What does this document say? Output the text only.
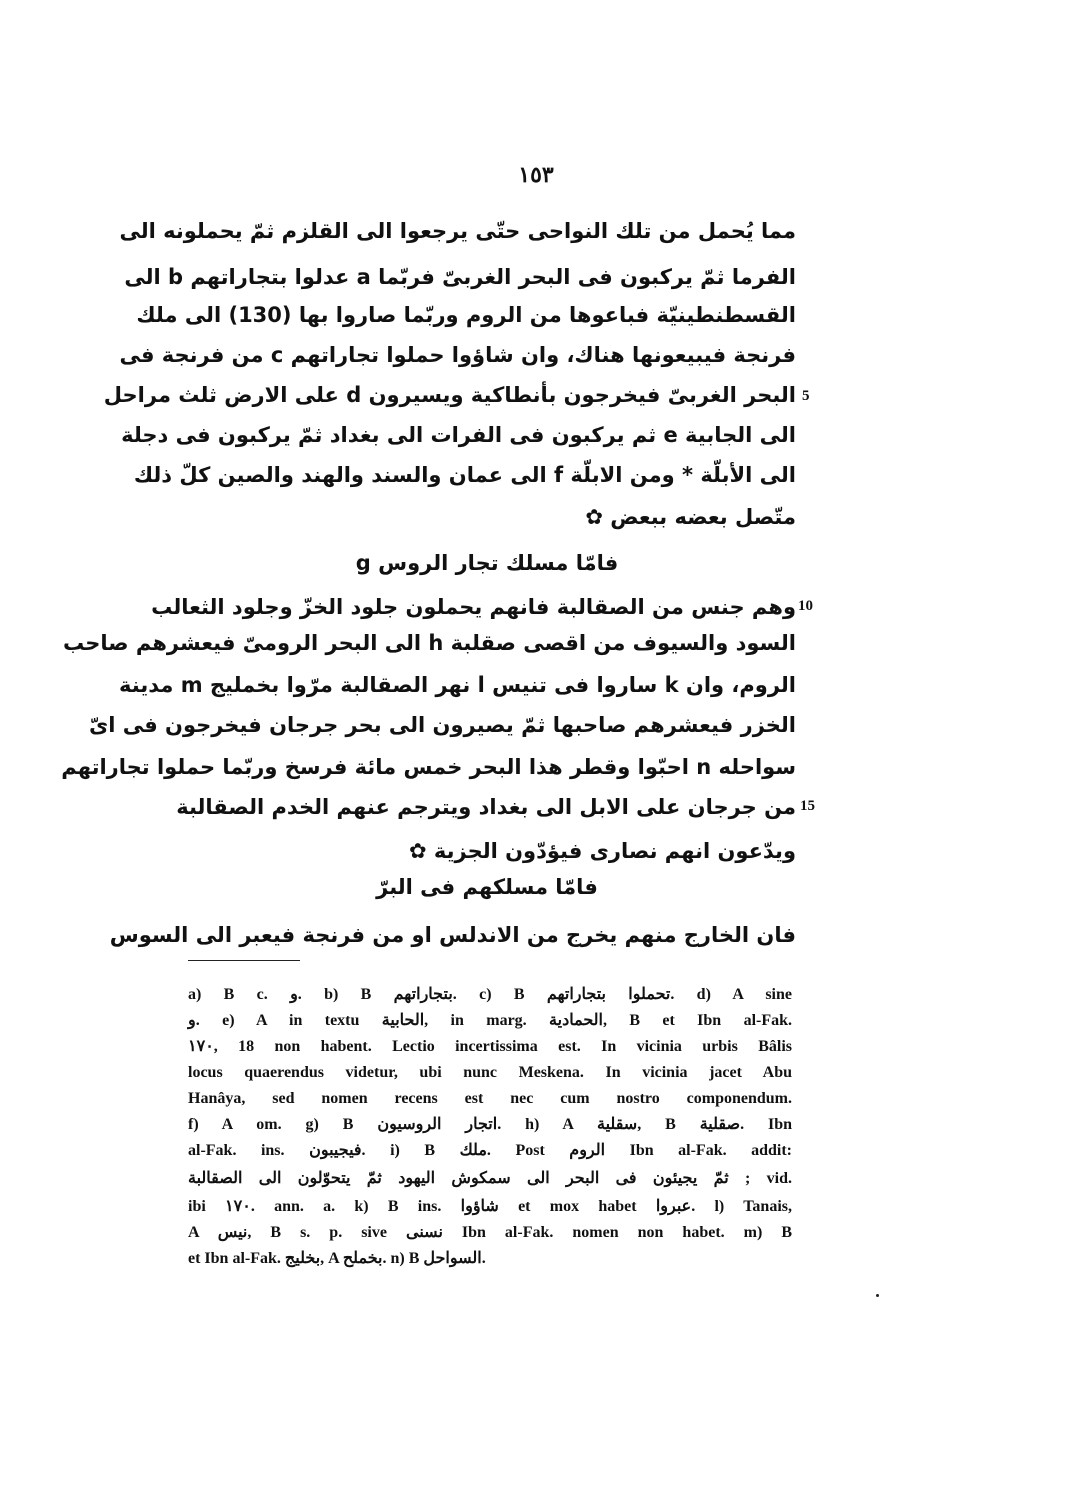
١٥٣
مما يُحمل من تلك النواحى حتّى يرجعوا الى القلزم ثمّ يحملونه الى
الفرما ثمّ يركبون فى البحر الغربىّ فربّما a عدلوا بتجاراتهم b الى
القسطنطينيّة فباعوها من الروم وربّما صاروا بها (130) الى ملك
فرنجة فيبيعونها هناك، وان شاؤوا حملوا تجاراتهم c من فرنجة فى
5
البحر الغربىّ فيخرجون بأنطاكية ويسيرون d على الارض ثلث مراحل
الى الجابية e ثم يركبون فى الفرات الى بغداد ثمّ يركبون فى دجلة
الى الأبلّة * ومن الابلّة f الى عمان والسند والهند والصين كلّ ذلك
متّصل بعضه ببعض ✿
فامّا مسلك تجار الروس g
10
وهم جنس من الصقالبة فانهم يحملون جلود الخزّ وجلود الثعالب
السود والسيوف من اقصى صقلبة h الى البحر الرومىّ فيعشرهم صاحب
الروم، وان k ساروا فى تنيس l نهر الصقالبة مرّوا بخمليج m مدينة
الخزر فيعشرهم صاحبها ثمّ يصيرون الى بحر جرجان فيخرجون فى اىّ
سواحله n احبّوا وقطر هذا البحر خمس مائة فرسخ وربّما حملوا تجاراتهم
15
من جرجان على الابل الى بغداد ويترجم عنهم الخدم الصقالبة
ويدّعون انهم نصارى فيؤدّون الجزية ✿
فامّا مسلكهم فى البرّ
فان الخارج منهم يخرج من الاندلس او من فرنجة فيعبر الى السوس
a) B c. و. b) B بتجاراتهم. c) B تحملوا بتجاراتهم. d) A sine
و. e) A in textu الحابية, in marg. الحمادية, B et Ibn al-Fak.
١٧٠, 18 non habent. Lectio incertissima est. In vicinia urbis Bâlis
locus quaerendus videtur, ubi nunc Meskena. In vicinia jacet Abu
Hanâya, sed nomen recens est nec cum nostro componendum.
f) A om. g) B اتجار الروسيون. h) A سقلية, B صقلية. Ibn
al-Fak. ins. فيجيبون. i) B ملك. Post الروم Ibn al-Fak. addit:
ثمّ يجيئون فى البحر الى سمكوش اليهود ثمّ يتحوّلون الى الصقالبة ; vid.
ibi ١٧٠. ann. a. k) B ins. شاؤوا et mox habet عبروا. l) Tanais,
A نيس, B s. p. sive نسنى Ibn al-Fak. nomen non habet. m) B
et Ibn al-Fak. بخليج, A بخملح. n) B السواحل.
